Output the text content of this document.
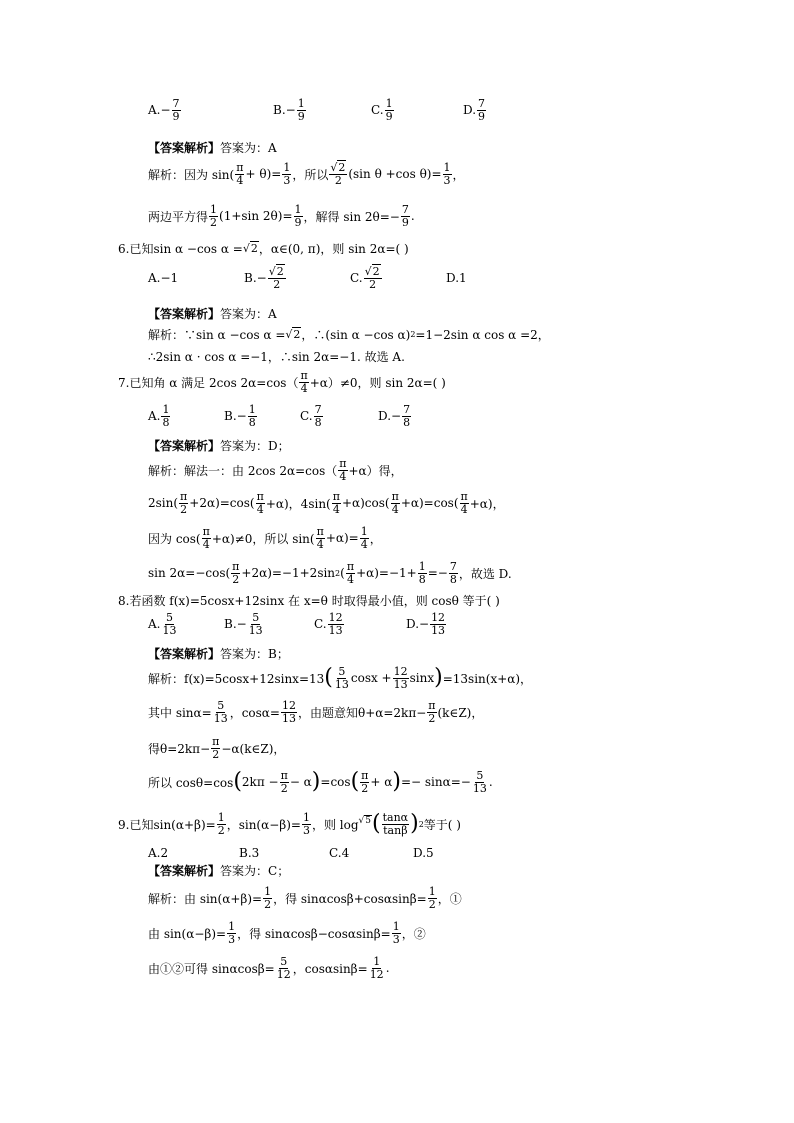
$A.- \frac{7}{9}$	$B.- \frac{1}{9}$	C. $\frac{1}{9}$	D. $\frac{7}{9}$
【答案解析】 答案为：A
解析：因为 $\sin( \frac{\pi}{4} + \theta)= \frac{1}{3}$ ，所以 $\frac{√2}{2} (\sin$ θ +cos $\theta)= \frac{1}{3}$ ，
两边平方得 $\frac{1}{2} (1+\sin$ $2\theta)= \frac{1}{9}$ ，解得 $\sin 2\theta=- \frac{7}{9}$ .
6.已知sin α −cos α = √2 ，α∈(0, π)，则 sin 2α=( )
A.−1	$B.- \frac{√2}{2}$	C. $\frac{√2}{2}$	D.1
【答案解析】 答案为：A
解析：∵sin α −cos α = √2 ，∴(sin α −cos α) 2 =1−2sin α cos α =2，
∴2sin α · cos α =−1，∴sin 2α=−1. 故选 A.
7.已知角 α 满足 2cos $2\alpha=\cos( \frac{\pi}{4} +\alpha)\ne 0$，则 sin 2α=( )
A. $\frac{1}{8}$	$B.- \frac{1}{8}$	C. $\frac{7}{8}$	$D.- \frac{7}{8}$
【答案解析】 答案为：D；
解析：解法一：由 2cos $2\alpha=\cos( \frac{\pi}{4} +\alpha)$得，
$2\sin( \frac{\pi}{2} +2\alpha)=\cos( \frac{\pi}{4} +\alpha)$，$4\sin( \frac{\pi}{4} +\alpha)\cos( \frac{\pi}{4} +\alpha)=\cos( \frac{\pi}{4} +\alpha)$，
因为 $\cos( \frac{\pi}{4} +\alpha)\ne 0$，所以 $\sin( \frac{\pi}{4} +\alpha)= \frac{1}{4}$ ，
$\sin 2\alpha=-\cos( \frac{\pi}{2} +2\alpha)=-1+2\sin$ 2 ( $\frac{\pi}{4} +\alpha)=-1+ \frac{1}{8} =- \frac{7}{8}$ ，故选 D.
8.若函数 f(x)=5cosx+12sinx 在 x=θ 时取得最小值，则 cosθ 等于( )
A. $\frac{5}{13}$	$B.- \frac{5}{13}$	C. $\frac{12}{13}$	$D.- \frac{12}{13}$
【答案解析】 答案为：B；
解析：f(x)=5cosx+12sinx=13 ( $\frac{5}{13}$ $\cos x + \frac{12}{13}$ sinx ) =13sin(x+α)，
其中 $\sin\alpha= \frac{5}{13}$ ，$\cos\alpha= \frac{12}{13}$ ，由题意知$\theta+\alpha=2k\pi- \frac{\pi}{2}$ (k∈Z)，
得$\theta=2k\pi- \frac{\pi}{2}$ −α(k∈Z)，
所以 cosθ=cos ( $2k\pi - \frac{\pi}{2} - \alpha$ ) =cos ( $\frac{\pi}{2} + \alpha$ ) =− $\sin\alpha=- \frac{5}{13}$ .
9.已知$\sin(\alpha+\beta)= \frac{1}{2}$ ，$\sin(\alpha-\beta)= \frac{1}{3}$ ，则 log √5 ( $\frac{\tan\alpha}{\tan\beta}$ ) 2 等于( )
A.2	B.3	C.4	D.5
【答案解析】 答案为：C；
解析：由 $\sin(\alpha+\beta)= \frac{1}{2}$ ，得 $\sin\alpha\cos\beta+\cos\alpha\sin\beta= \frac{1}{2}$ ，①
由 $\sin(\alpha-\beta)= \frac{1}{3}$ ，得 $\sin\alpha\cos\beta-\cos\alpha\sin\beta= \frac{1}{3}$ ，②
由①②可得 $\sin\alpha\cos\beta= \frac{5}{12}$ ，$\cos\alpha\sin\beta= \frac{1}{12}$ .
